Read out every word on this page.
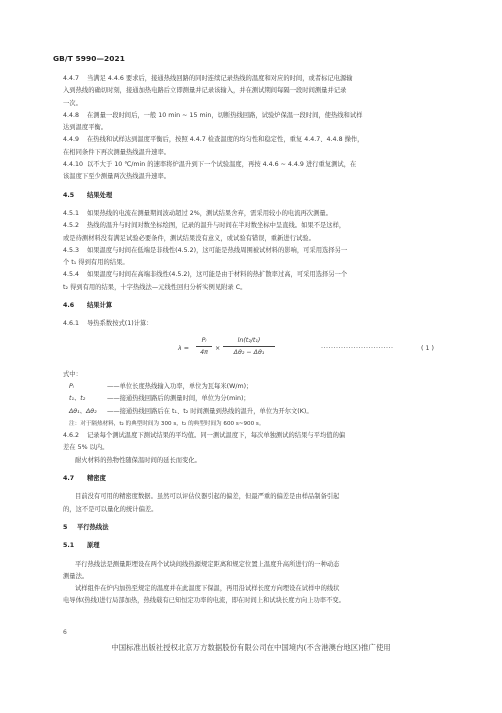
GB/T 5990—2021
4.4.7 当满足 4.4.6 要求后，接通热线回路的同时连续记录热线的温度和对应的时间，或者标记电源输
入到热线的确切时刻，接通加热电路后立即测量并记录该输入，并在测试期间每隔一段时间测量并记录
一次。
4.4.8 在测量一段时间后，一般 10 min ~ 15 min，切断热线回路，试验炉保温一段时间，使热线和试样
达到温度平衡。
4.4.9 在热线和试样达到温度平衡后，按照 4.4.7 检查温度的均匀性和稳定性，重复 4.4.7、4.4.8 操作，
在相同条件下再次测量热线温升速率。
4.4.10 以不大于 10 ℃/min 的速率将炉温升到下一个试验温度，再按 4.4.6 ~ 4.4.9 进行重复测试，在
该温度下至少测量两次热线温升速率。
4.5 结果处理
4.5.1 如果热线的电流在测量期间波动超过 2%，测试结果舍弃，需采用较小的电流再次测量。
4.5.2 热线的温升与时间对数坐标绘图，记录的温升与时间在半对数坐标中呈直线。如果不是这样，
或是待测材料没有满足试验必要条件，测试结果没有意义，或试验有错误，重新进行试验。
4.5.3 如果温度与时间在低端是非线性(4.5.2)，这可能是热线周围被试材料的影响，可采用选择另一
个 t₁ 得到有用的结果。
4.5.4 如果温度与时间在高端非线性(4.5.2)，这可能是由于材料的热扩散率过高，可采用选择另一个
t₂ 得到有用的结果，十字热线法—元线性回归分析实例见附录 C。
4.6 结果计算
4.6.1 导热系数按式(1)计算：
$\lambda = \frac{\text{Pₗ}}{4\pi} \times \frac{\text{ln(t₂/t₁)}}{\text{Δθ₂ − Δθ₁}}$	·····························	( 1 )
式中：
Pₗ	——单位长度热线输入功率，单位为瓦每米(W/m)；
t₁、t₂	——接通热线回路后的测量时间，单位为分(min)；
Δθ₁、Δθ₂ ——接通热线回路后在 t₁、t₂ 时间测量到热线的温升，单位为开尔文(K)。
注：对于隔热材料，t₂ 的典型时间为 300 s，t₂ 的典型时间为 600 s~900 s。
4.6.2 记录每个测试温度下测试结果的平均值。同一测试温度下，每次单独测试的结果与平均值的偏
差在 5% 以内。
耐火材料的热物性随保温时间的延长而变化。
4.7 精密度
目前没有可用的精密度数据。虽然可以评估仪器引起的偏差，但最严重的偏差是由样品制备引起
的，这不是可以量化的统计偏差。
5 平行热线法
5.1 原理
平行热线法是测量距埋设在两个试块间线热源规定距离和规定位置上温度升高所进行的一种动态
测量法。
试样组件在炉内加热至规定的温度并在此温度下保温，再用沿试样长度方向埋设在试样中的线状
电导体(热线)进行局部加热，热线载有已知恒定功率的电流，即在时间上和试块长度方向上功率不变。
6
中国标准出版社授权北京万方数据股份有限公司在中国境内(不含港澳台地区)推广使用
